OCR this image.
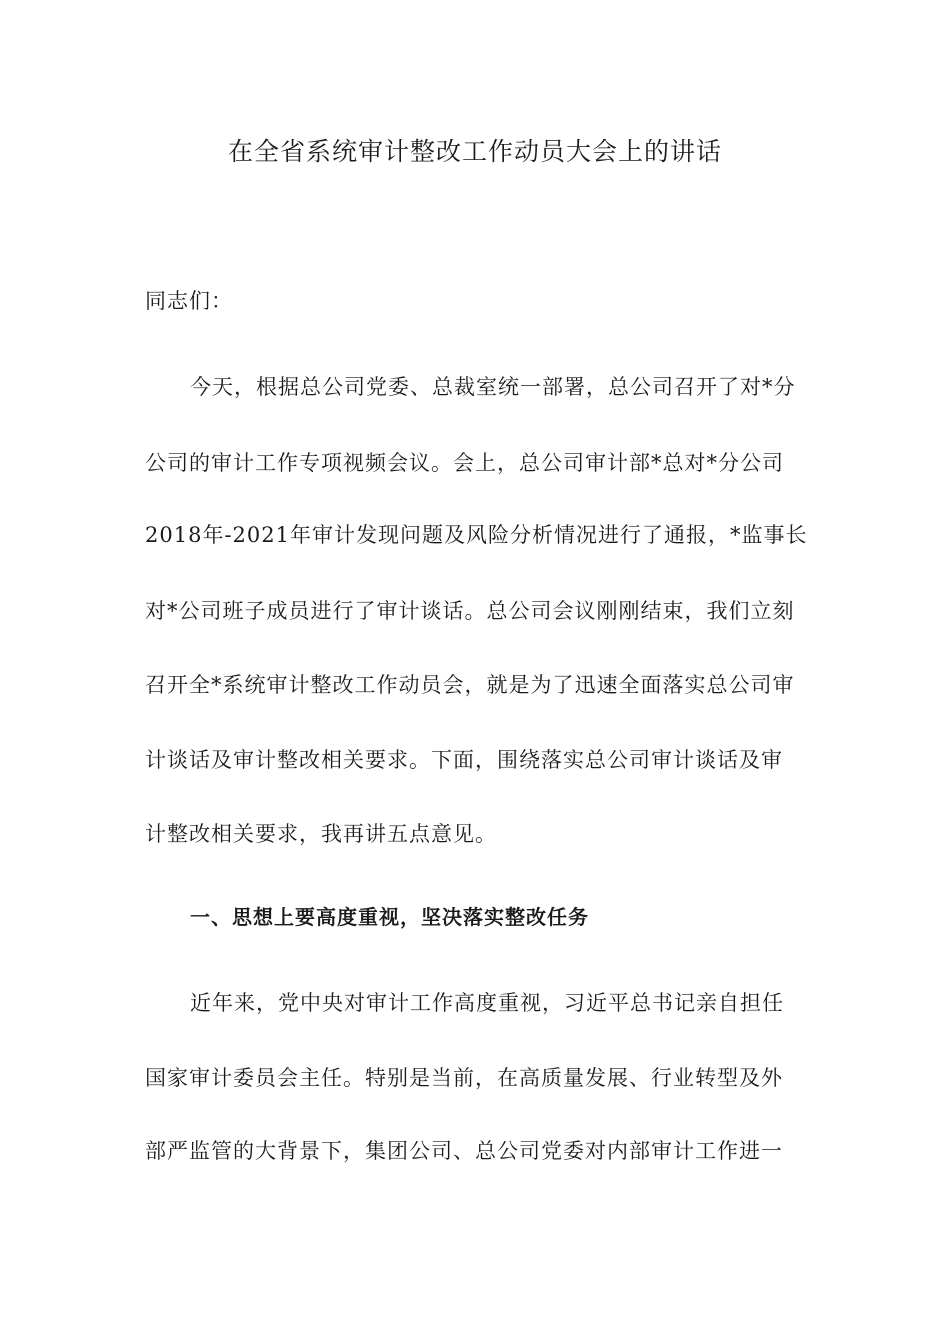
在全省系统审计整改工作动员大会上的讲话
同志们：
今天，根据总公司党委、总裁室统一部署，总公司召开了对*分
公司的审计工作专项视频会议。会上，总公司审计部*总对*分公司
2018年-2021年审计发现问题及风险分析情况进行了通报，*监事长
对*公司班子成员进行了审计谈话。总公司会议刚刚结束，我们立刻
召开全*系统审计整改工作动员会，就是为了迅速全面落实总公司审
计谈话及审计整改相关要求。下面，围绕落实总公司审计谈话及审
计整改相关要求，我再讲五点意见。
一、思想上要高度重视，坚决落实整改任务
近年来，党中央对审计工作高度重视，习近平总书记亲自担任
国家审计委员会主任。特别是当前，在高质量发展、行业转型及外
部严监管的大背景下，集团公司、总公司党委对内部审计工作进一
